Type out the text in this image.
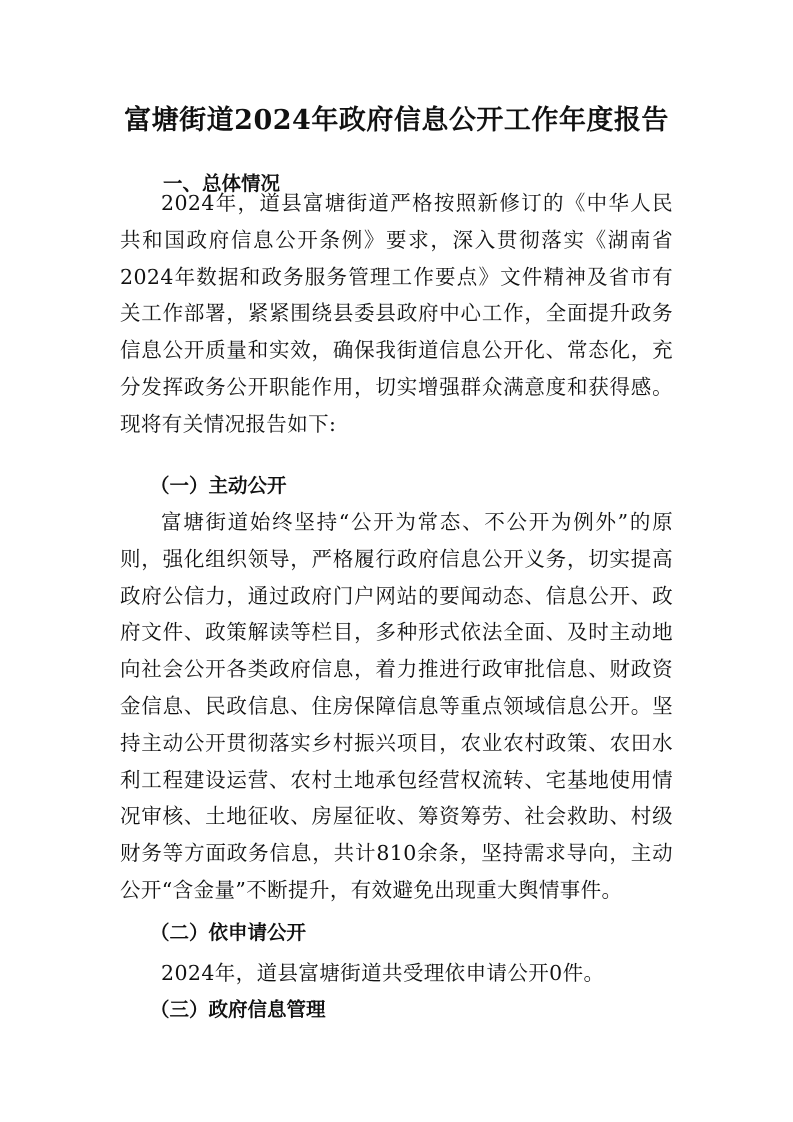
富塘街道2024年政府信息公开工作年度报告
一、总体情况

2024年，道县富塘街道严格按照新修订的《中华人民共和国政府信息公开条例》要求，深入贯彻落实《湖南省2024年数据和政务服务管理工作要点》文件精神及省市有关工作部署，紧紧围绕县委县政府中心工作，全面提升政务信息公开质量和实效，确保我街道信息公开化、常态化，充分发挥政务公开职能作用，切实增强群众满意度和获得感。现将有关情况报告如下:

（一）主动公开

富塘街道始终坚持“公开为常态、不公开为例外”的原则，强化组织领导，严格履行政府信息公开义务，切实提高政府公信力，通过政府门户网站的要闻动态、信息公开、政府文件、政策解读等栏目，多种形式依法全面、及时主动地向社会公开各类政府信息，着力推进行政审批信息、财政资金信息、民政信息、住房保障信息等重点领域信息公开。坚持主动公开贯彻落实乡村振兴项目，农业农村政策、农田水利工程建设运营、农村土地承包经营权流转、宅基地使用情况审核、土地征收、房屋征收、筹资筹劳、社会救助、村级财务等方面政务信息，共计810余条，坚持需求导向，主动公开“含金量”不断提升，有效避免出现重大舆情事件。

（二）依申请公开
2024年，道县富塘街道共受理依申请公开0件。
（三）政府信息管理
